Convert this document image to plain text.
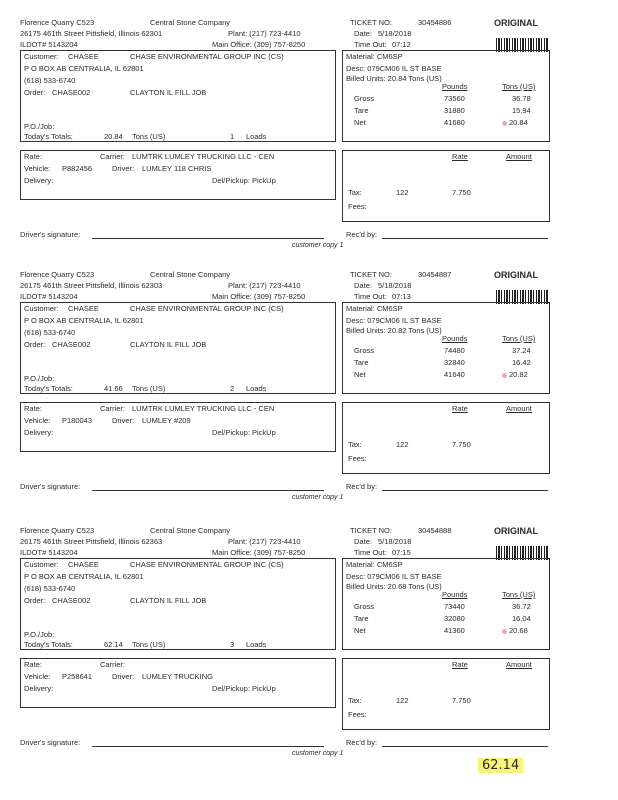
Florence Quarry C523	Central Stone Company
26175 461th Street Pittsfield, Illinois 62301	Plant: (217) 723-4410
ILDOT# 5143204	Main Office: (309) 757-8250
TICKET NO:	30454886	ORIGINAL
Date: 5/18/2018
Time Out: 07:12
Customer: CHASEE	CHASE ENVIRONMENTAL GROUP INC (CS)
P O BOX AB CENTRALIA, IL 62801
(618) 533-6740
Order: CHASE002	CLAYTON IL FILL JOB
P.O./Job:
Today's Totals:	20.84 Tons (US)	1 Loads
Material: CM6SP
Desc: 079CM06 IL ST BASE
Billed Units: 20.84 Tons (US)
Pounds	Tons (US)
Gross	73560	36.78
Tare	31880	15.94
Net	41680	20.84
Rate:	Carrier: LUMTRK LUMLEY TRUCKING LLC - CEN
Vehicle: P882456	Driver: LUMLEY 118 CHRIS
Delivery:	Del/Pickup: PickUp
Rate	Amount
Tax:	122	7.750
Fees:
Driver's signature:	Rec'd by:
customer copy 1
Florence Quarry C523	Central Stone Company
26175 461th Street Pittsfield, Illinois 62303	Plant: (217) 723-4410
ILDOT# 5143204	Main Office: (309) 757-8250
TICKET NO:	30454887	ORIGINAL
Date: 5/18/2018
Time Out: 07:13
Customer: CHASEE	CHASE ENVIRONMENTAL GROUP INC (CS)
P O BOX AB CENTRALIA, IL 62801
(618) 533-6740
Order: CHASE002	CLAYTON IL FILL JOB
P.O./Job:
Today's Totals:	41.66 Tons (US)	2 Loads
Material: CM6SP
Desc: 079CM06 IL ST BASE
Billed Units: 20.82 Tons (US)
Pounds	Tons (US)
Gross	74480	37.24
Tare	32840	16.42
Net	41640	20.82
Rate:	Carrier: LUMTRK LUMLEY TRUCKING LLC - CEN
Vehicle: P180043	Driver: LUMLEY #209
Delivery:	Del/Pickup: PickUp
Rate	Amount
Tax:	122	7.750
Fees:
Driver's signature:	Rec'd by:
customer copy 1
Florence Quarry C523	Central Stone Company
26175 461th Street Pittsfield, Illinois 62363	Plant: (217) 723-4410
ILDOT# 5143204	Main Office: (309) 757-8250
TICKET NO:	30454888	ORIGINAL
Date: 5/18/2018
Time Out: 07:15
Customer: CHASEE	CHASE ENVIRONMENTAL GROUP INC (CS)
P O BOX AB CENTRALIA, IL 62801
(618) 533-6740
Order: CHASE002	CLAYTON IL FILL JOB
P.O./Job:
Today's Totals:	62.14 Tons (US)	3 Loads
Material: CM6SP
Desc: 079CM06 IL ST BASE
Billed Units: 20.68 Tons (US)
Pounds	Tons (US)
Gross	73440	36.72
Tare	32080	16.04
Net	41360	20.68
Rate:	Carrier:
Vehicle: P258641	Driver: LUMLEY TRUCKING
Delivery:	Del/Pickup: PickUp
Rate	Amount
Tax:	122	7.750
Fees:
Driver's signature:	Rec'd by:
customer copy 1
62.14
